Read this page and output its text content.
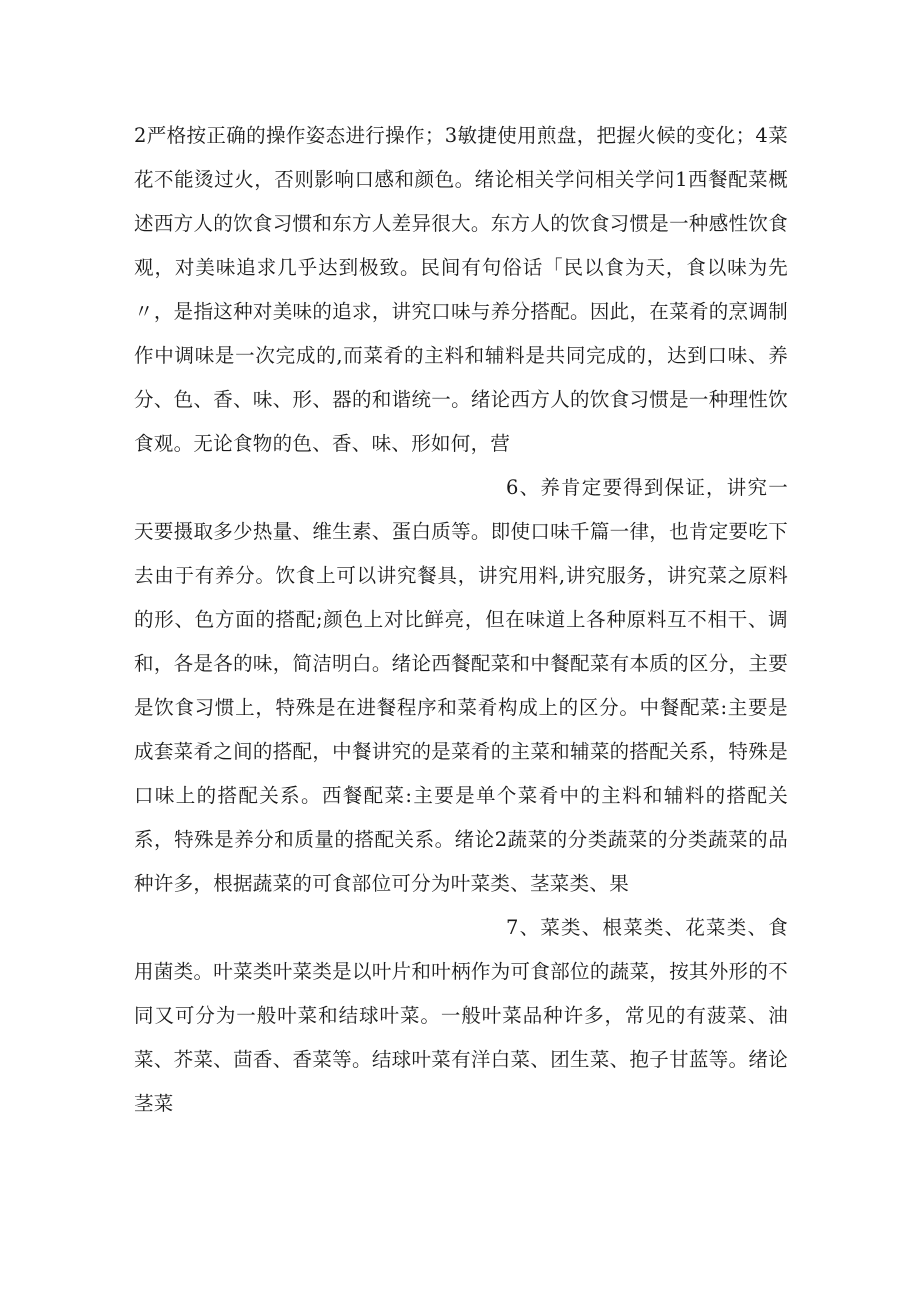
2严格按正确的操作姿态进行操作；3敏捷使用煎盘，把握火候的变化；4菜花不能烫过火，否则影响口感和颜色。绪论相关学问相关学问1西餐配菜概述西方人的饮食习惯和东方人差异很大。东方人的饮食习惯是一种感性饮食观，对美味追求几乎达到极致。民间有句俗话「民以食为天，食以味为先〃，是指这种对美味的追求，讲究口味与养分搭配。因此，在菜肴的烹调制作中调味是一次完成的,而菜肴的主料和辅料是共同完成的，达到口味、养分、色、香、味、形、器的和谐统一。绪论西方人的饮食习惯是一种理性饮食观。无论食物的色、香、味、形如何，营

6、养肯定要得到保证，讲究一天要摄取多少热量、维生素、蛋白质等。即使口味千篇一律，也肯定要吃下去由于有养分。饮食上可以讲究餐具，讲究用料,讲究服务，讲究菜之原料的形、色方面的搭配;颜色上对比鲜亮，但在味道上各种原料互不相干、调和，各是各的味，简洁明白。绪论西餐配菜和中餐配菜有本质的区分，主要是饮食习惯上，特殊是在进餐程序和菜肴构成上的区分。中餐配菜:主要是成套菜肴之间的搭配，中餐讲究的是菜肴的主菜和辅菜的搭配关系，特殊是口味上的搭配关系。西餐配菜:主要是单个菜肴中的主料和辅料的搭配关系，特殊是养分和质量的搭配关系。绪论2蔬菜的分类蔬菜的分类蔬菜的品种许多，根据蔬菜的可食部位可分为叶菜类、茎菜类、果

7、菜类、根菜类、花菜类、食用菌类。叶菜类叶菜类是以叶片和叶柄作为可食部位的蔬菜，按其外形的不同又可分为一般叶菜和结球叶菜。一般叶菜品种许多，常见的有菠菜、油菜、芥菜、茴香、香菜等。结球叶菜有洋白菜、团生菜、抱子甘蓝等。绪论茎菜
